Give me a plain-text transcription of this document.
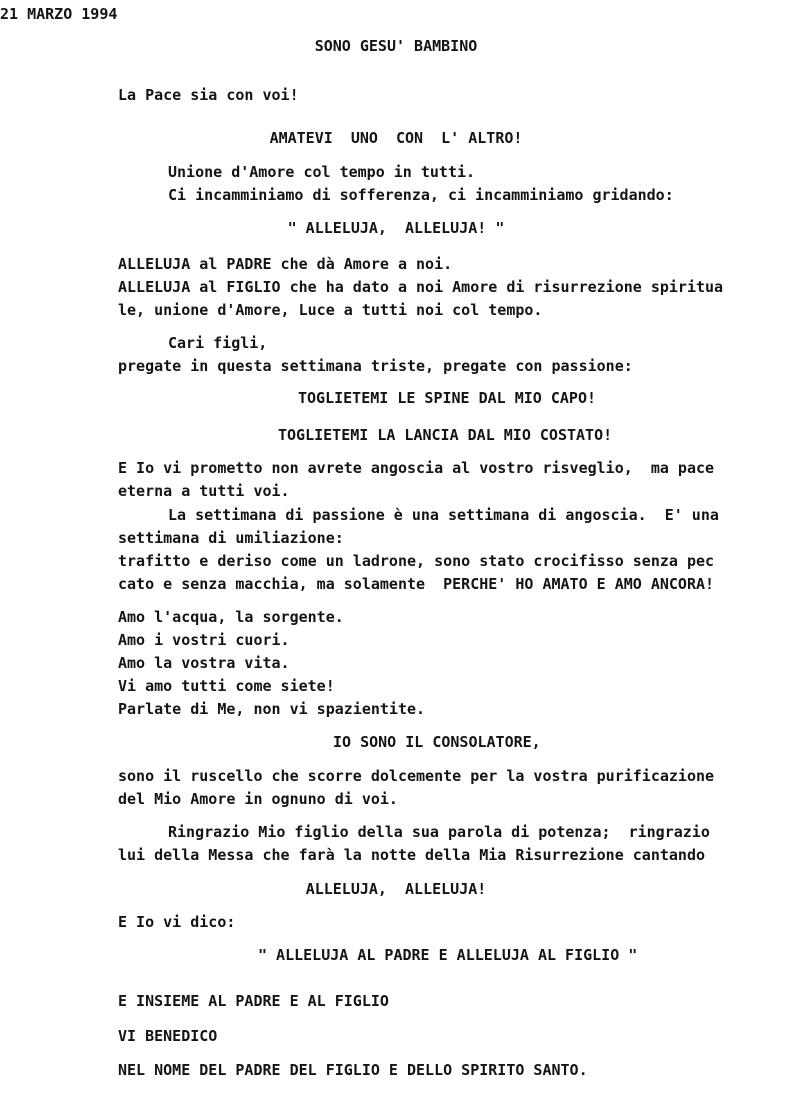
21 MARZO 1994
SONO GESU' BAMBINO
La Pace sia con voi!
AMATEVI  UNO  CON  L' ALTRO!
Unione d'Amore col tempo in tutti.
Ci incamminiamo di sofferenza, ci incamminiamo gridando:
" ALLELUJA,  ALLELUJA! "
ALLELUJA al PADRE che dà Amore a noi.
ALLELUJA al FIGLIO che ha dato a noi Amore di risurrezione spiritua
le, unione d'Amore, Luce a tutti noi col tempo.
Cari figli,
pregate in questa settimana triste, pregate con passione:
TOGLIETEMI LE SPINE DAL MIO CAPO!
TOGLIETEMI LA LANCIA DAL MIO COSTATO!
E Io vi prometto non avrete angoscia al vostro risveglio,  ma pace
eterna a tutti voi.
La settimana di passione è una settimana di angoscia.  E' una
settimana di umiliazione:
trafitto e deriso come un ladrone, sono stato crocifisso senza pec
cato e senza macchia, ma solamente  PERCHE' HO AMATO E AMO ANCORA!
Amo l'acqua, la sorgente.
Amo i vostri cuori.
Amo la vostra vita.
Vi amo tutti come siete!
Parlate di Me, non vi spazientite.
IO SONO IL CONSOLATORE,
sono il ruscello che scorre dolcemente per la vostra purificazione
del Mio Amore in ognuno di voi.
Ringrazio Mio figlio della sua parola di potenza;  ringrazio
lui della Messa che farà la notte della Mia Risurrezione cantando
ALLELUJA,  ALLELUJA!
E Io vi dico:
" ALLELUJA AL PADRE E ALLELUJA AL FIGLIO "
E INSIEME AL PADRE E AL FIGLIO
VI BENEDICO
NEL NOME DEL PADRE DEL FIGLIO E DELLO SPIRITO SANTO.
